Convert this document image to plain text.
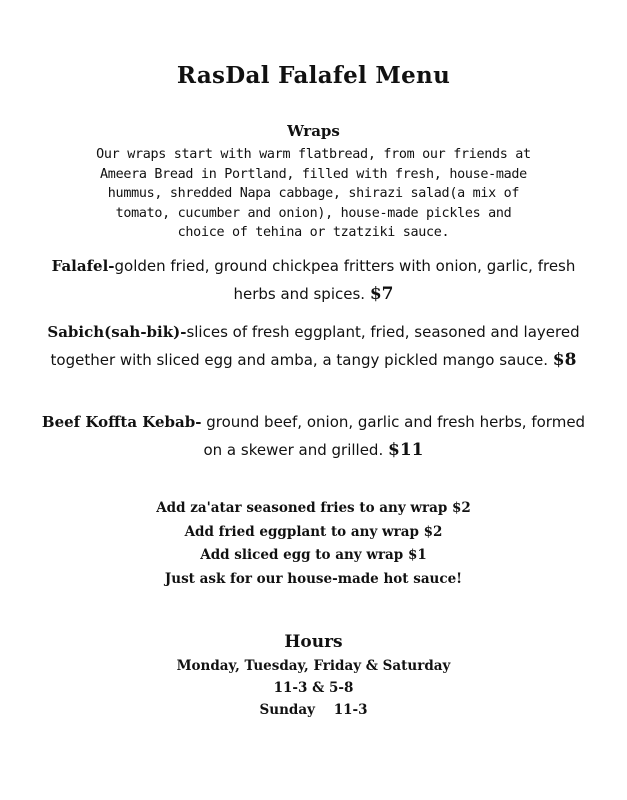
RasDal Falafel Menu
Wraps
Our wraps start with warm flatbread, from our friends at
Ameera Bread in Portland, filled with fresh, house-made
hummus, shredded Napa cabbage, shirazi salad(a mix of
tomato, cucumber and onion), house-made pickles and
choice of tehina or tzatziki sauce.
Falafel-golden fried, ground chickpea fritters with onion, garlic, fresh herbs and spices. $7
Sabich(sah-bik)-slices of fresh eggplant, fried, seasoned and layered together with sliced egg and amba, a tangy pickled mango sauce. $8
Beef Koffta Kebab- ground beef, onion, garlic and fresh herbs, formed on a skewer and grilled. $11
Add za'atar seasoned fries to any wrap $2
Add fried eggplant to any wrap $2
Add sliced egg to any wrap $1
Just ask for our house-made hot sauce!
Hours
Monday, Tuesday, Friday & Saturday
11-3 & 5-8
Sunday    11-3
